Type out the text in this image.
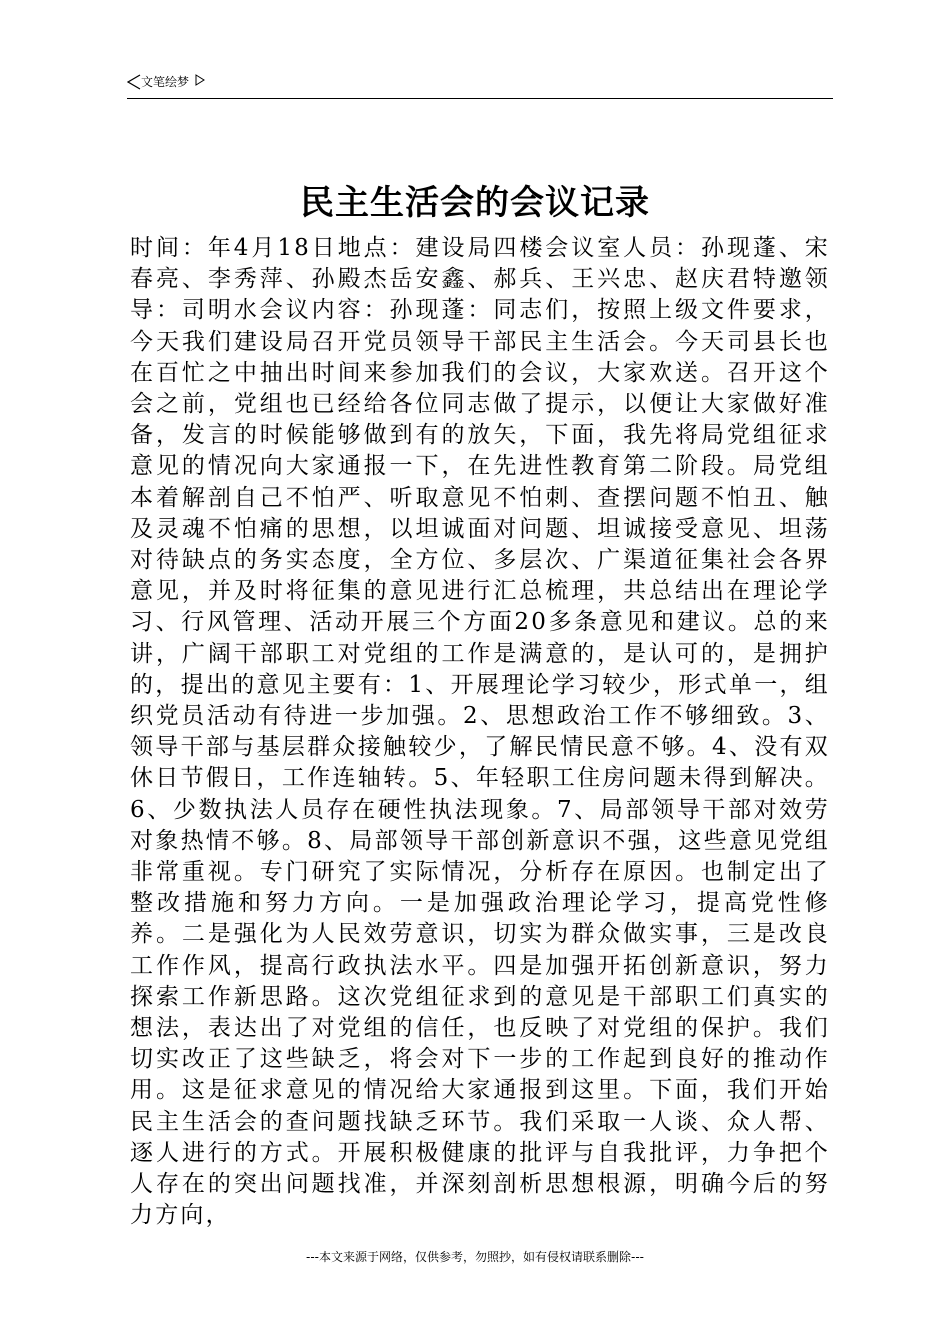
文笔绘梦
民主生活会的会议记录

时间：年4月18日地点：建设局四楼会议室人员：孙现蓬、宋春亮、李秀萍、孙殿杰岳安鑫、郝兵、王兴忠、赵庆君特邀领导：司明水会议内容：孙现蓬：同志们，按照上级文件要求，今天我们建设局召开党员领导干部民主生活会。今天司县长也在百忙之中抽出时间来参加我们的会议，大家欢送。召开这个会之前，党组也已经给各位同志做了提示，以便让大家做好准备，发言的时候能够做到有的放矢，下面，我先将局党组征求意见的情况向大家通报一下，在先进性教育第二阶段。局党组本着解剖自己不怕严、听取意见不怕刺、查摆问题不怕丑、触及灵魂不怕痛的思想，以坦诚面对问题、坦诚接受意见、坦荡对待缺点的务实态度，全方位、多层次、广渠道征集社会各界意见，并及时将征集的意见进行汇总梳理，共总结出在理论学习、行风管理、活动开展三个方面20多条意见和建议。总的来讲，广阔干部职工对党组的工作是满意的，是认可的，是拥护的，提出的意见主要有：1、开展理论学习较少，形式单一，组织党员活动有待进一步加强。2、思想政治工作不够细致。3、领导干部与基层群众接触较少，了解民情民意不够。4、没有双休日节假日，工作连轴转。5、年轻职工住房问题未得到解决。6、少数执法人员存在硬性执法现象。7、局部领导干部对效劳对象热情不够。8、局部领导干部创新意识不强，这些意见党组非常重视。专门研究了实际情况，分析存在原因。也制定出了整改措施和努力方向。一是加强政治理论学习，提高党性修养。二是强化为人民效劳意识，切实为群众做实事，三是改良工作作风，提高行政执法水平。四是加强开拓创新意识，努力探索工作新思路。这次党组征求到的意见是干部职工们真实的想法，表达出了对党组的信任，也反映了对党组的保护。我们切实改正了这些缺乏，将会对下一步的工作起到良好的推动作用。这是征求意见的情况给大家通报到这里。下面，我们开始民主生活会的查问题找缺乏环节。我们采取一人谈、众人帮、逐人进行的方式。开展积极健康的批评与自我批评，力争把个人存在的突出问题找准，并深刻剖析思想根源，明确今后的努力方向，

---本文来源于网络，仅供参考，勿照抄，如有侵权请联系删除---
